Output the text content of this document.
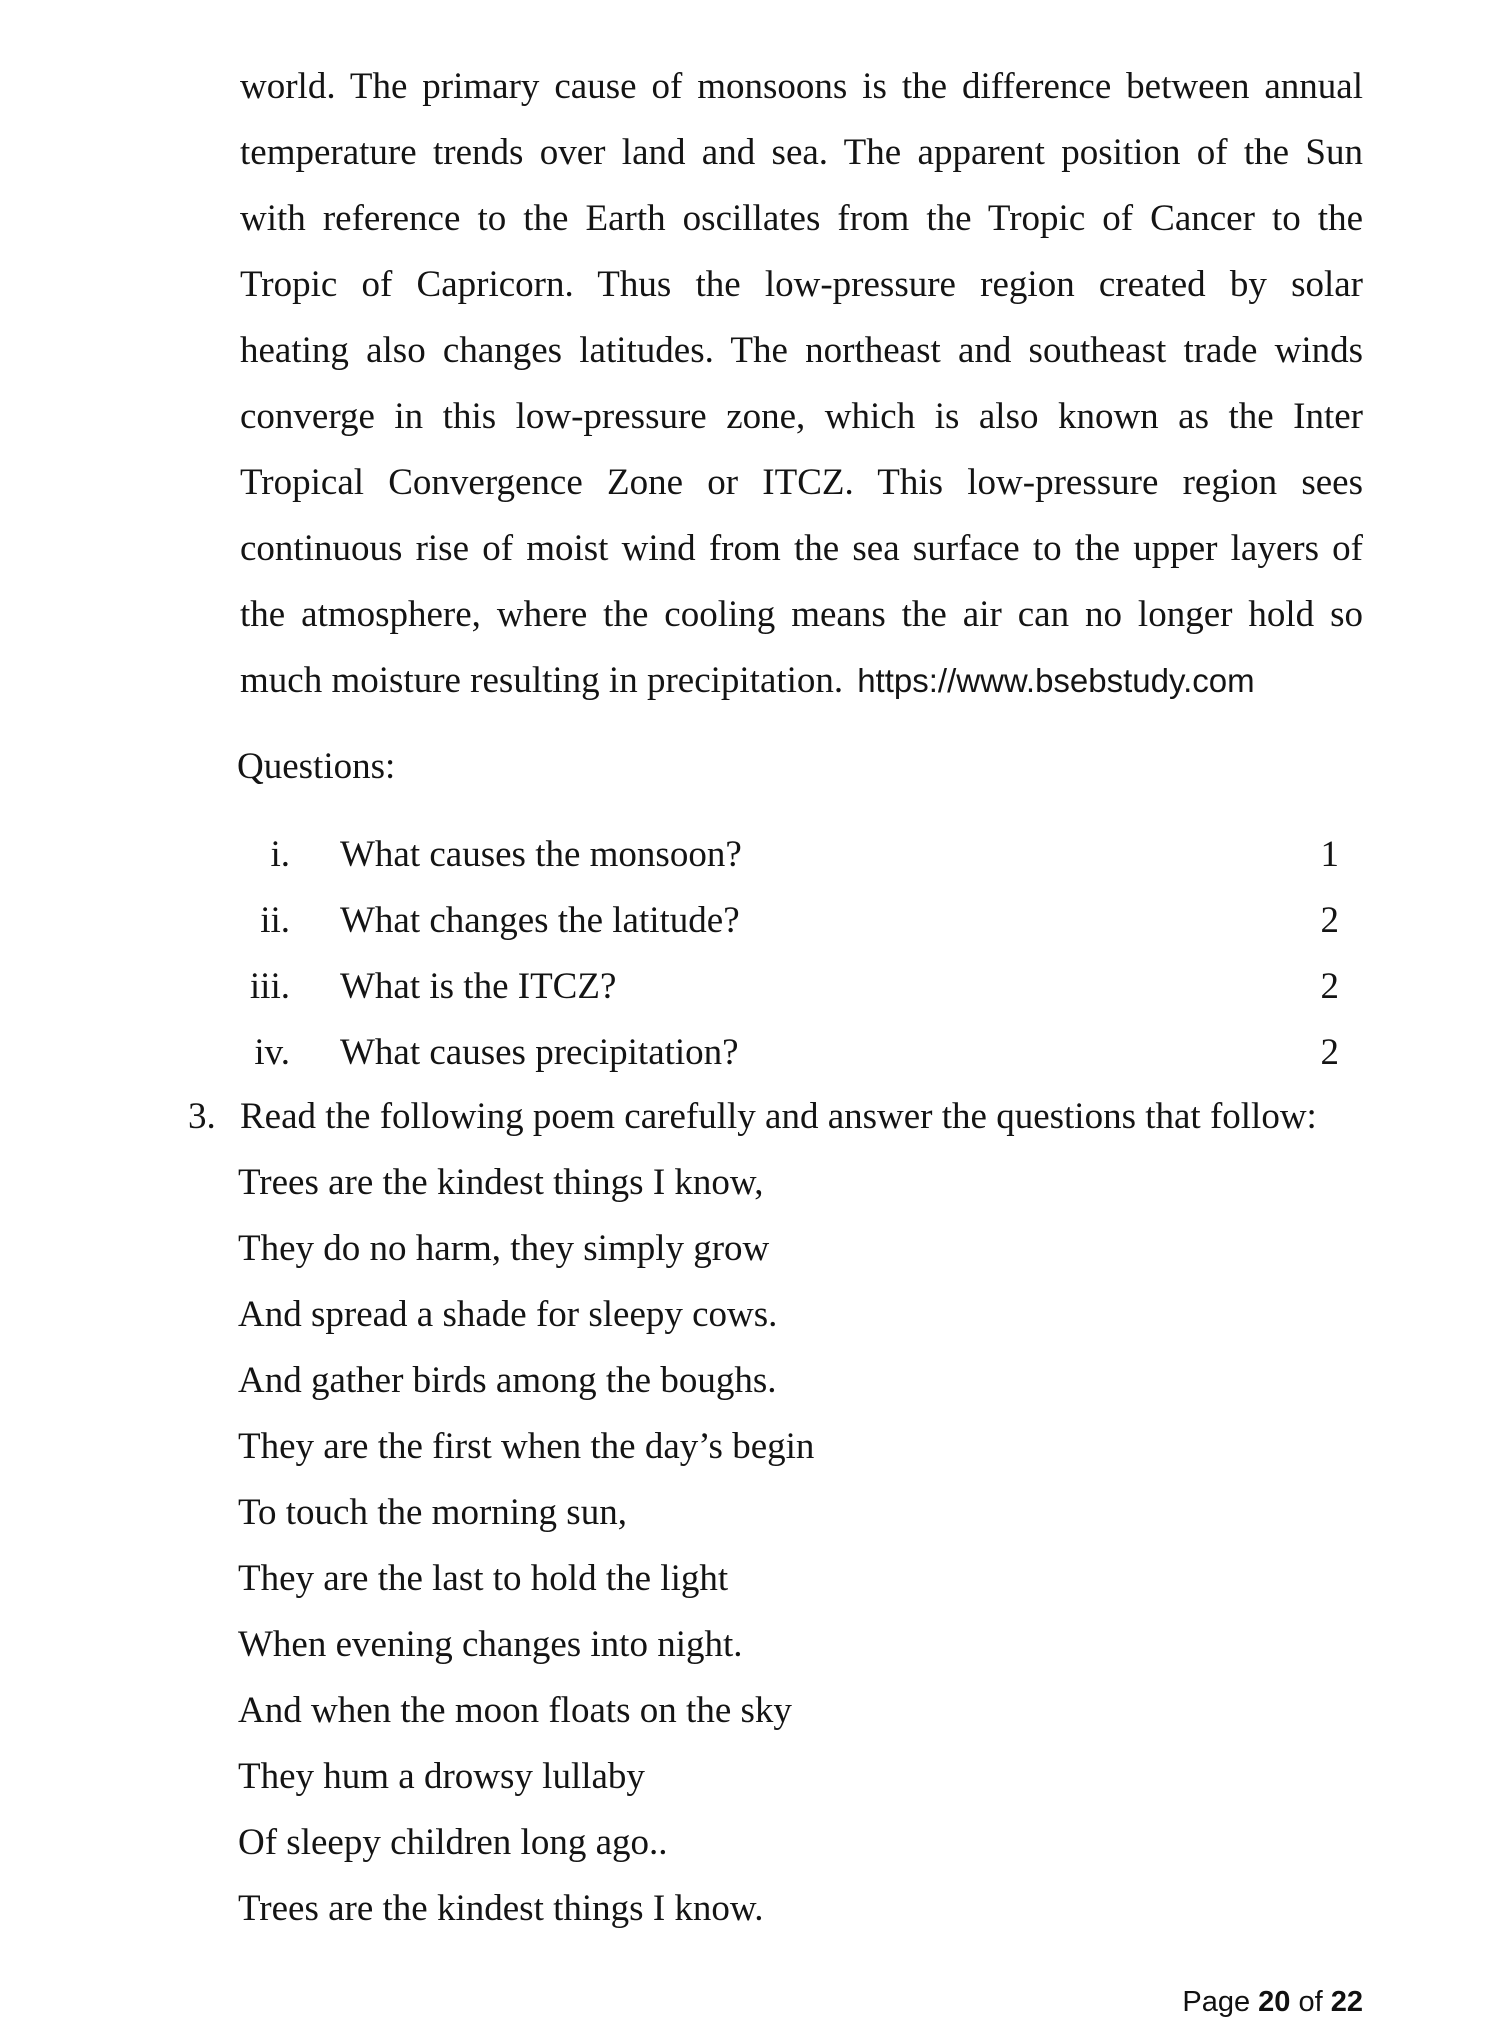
world. The primary cause of monsoons is the difference between annual
temperature trends over land and sea. The apparent position of the Sun
with reference to the Earth oscillates from the Tropic of Cancer to the
Tropic of Capricorn. Thus the low-pressure region created by solar
heating also changes latitudes. The northeast and southeast trade winds
converge in this low-pressure zone, which is also known as the Inter
Tropical Convergence Zone or ITCZ. This low-pressure region sees
continuous rise of moist wind from the sea surface to the upper layers of
the atmosphere, where the cooling means the air can no longer hold so
much moisture resulting in precipitation. https://www.bsebstudy.com
Questions:
i. What causes the monsoon?	1
ii. What changes the latitude?	2
iii. What is the ITCZ?	2
iv. What causes precipitation?	2
3. Read the following poem carefully and answer the questions that follow:
Trees are the kindest things I know,
They do no harm, they simply grow
And spread a shade for sleepy cows.
And gather birds among the boughs.
They are the first when the day’s begin
To touch the morning sun,
They are the last to hold the light
When evening changes into night.
And when the moon floats on the sky
They hum a drowsy lullaby
Of sleepy children long ago..
Trees are the kindest things I know.
Page 20 of 22
